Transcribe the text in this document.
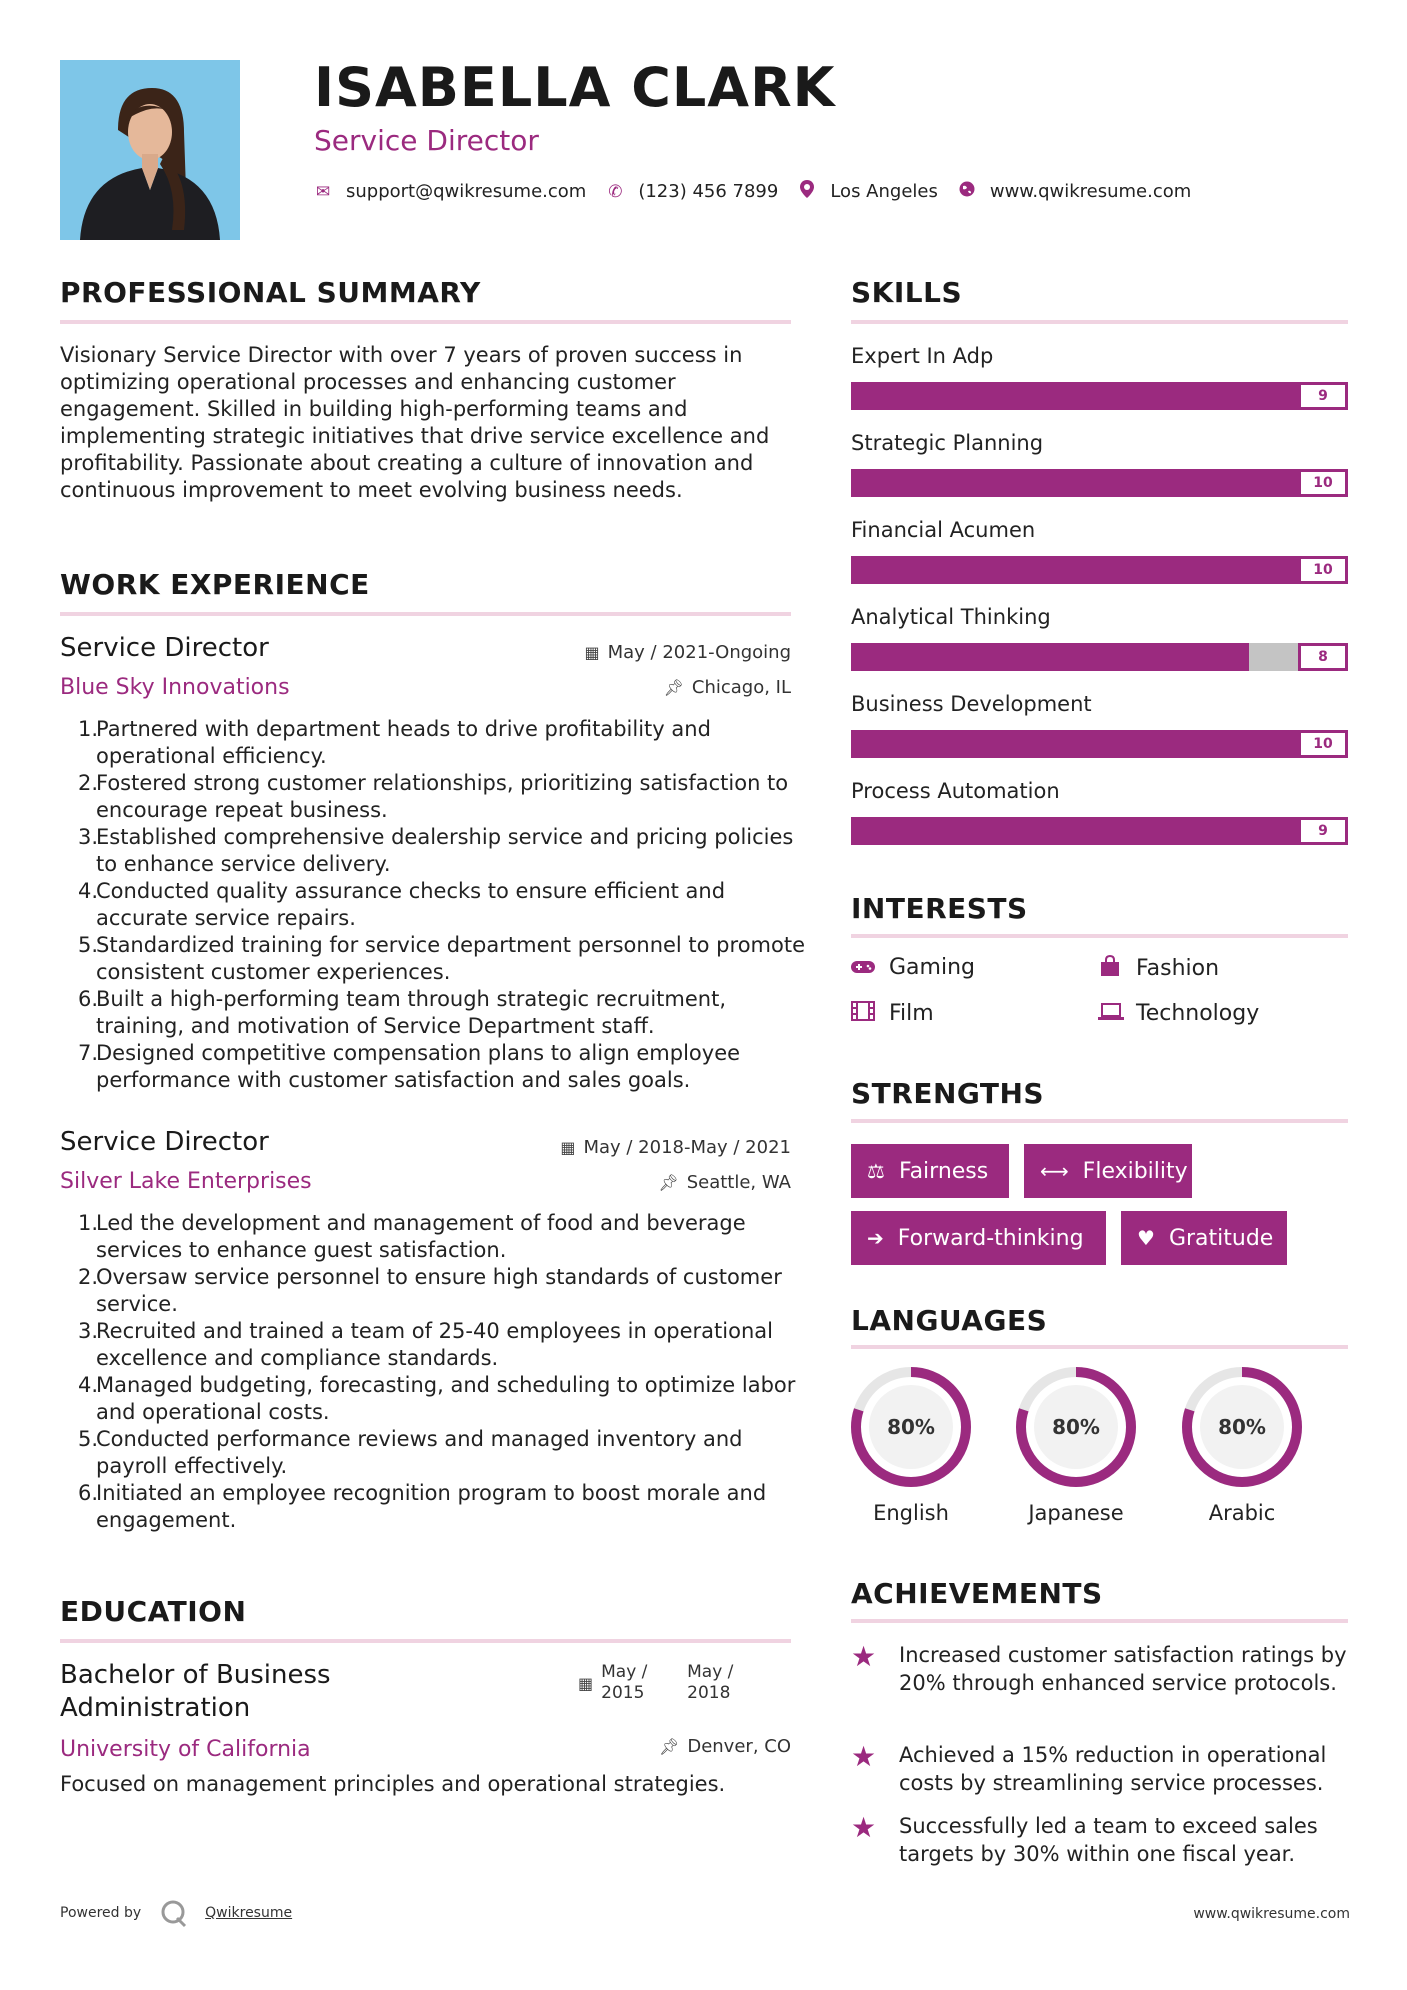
ISABELLA CLARK
Service Director
✉ support@qwikresume.com ✆ (123) 456 7899	Los Angeles	www.qwikresume.com
PROFESSIONAL SUMMARY
Visionary Service Director with over 7 years of proven success in optimizing operational processes and enhancing customer engagement. Skilled in building high-performing teams and implementing strategic initiatives that drive service excellence and profitability. Passionate about creating a culture of innovation and continuous improvement to meet evolving business needs.
WORK EXPERIENCE
Service Director
Blue Sky Innovations
▦ May / 2021-Ongoing
📌︎ Chicago, IL
Partnered with department heads to drive profitability and operational efficiency.
Fostered strong customer relationships, prioritizing satisfaction to encourage repeat business.
Established comprehensive dealership service and pricing policies to enhance service delivery.
Conducted quality assurance checks to ensure efficient and accurate service repairs.
Standardized training for service department personnel to promote consistent customer experiences.
Built a high-performing team through strategic recruitment, training, and motivation of Service Department staff.
Designed competitive compensation plans to align employee performance with customer satisfaction and sales goals.
Service Director
Silver Lake Enterprises
▦ May / 2018-May / 2021
📌︎ Seattle, WA
Led the development and management of food and beverage services to enhance guest satisfaction.
Oversaw service personnel to ensure high standards of customer service.
Recruited and trained a team of 25-40 employees in operational excellence and compliance standards.
Managed budgeting, forecasting, and scheduling to optimize labor and operational costs.
Conducted performance reviews and managed inventory and payroll effectively.
Initiated an employee recognition program to boost morale and engagement.
EDUCATION
Bachelor of Business
Administration
University of California
▦
May /
2015
May /
2018
📌︎ Denver, CO
Focused on management principles and operational strategies.
SKILLS
Expert In Adp
9
Strategic Planning
10
Financial Acumen
10
Analytical Thinking
8
Business Development
10
Process Automation
9
INTERESTS
Gaming	Fashion
Film	Technology
STRENGTHS
⚖ Fairness	⟷ Flexibility
➔ Forward-thinking	♥ Gratitude
LANGUAGES
80%
English
80%
Japanese
80%
Arabic
ACHIEVEMENTS
★	Increased customer satisfaction ratings by 20% through enhanced service protocols.
★	Achieved a 15% reduction in operational costs by streamlining service processes.
★	Successfully led a team to exceed sales targets by 30% within one fiscal year.
Powered by	Qwikresume	www.qwikresume.com
